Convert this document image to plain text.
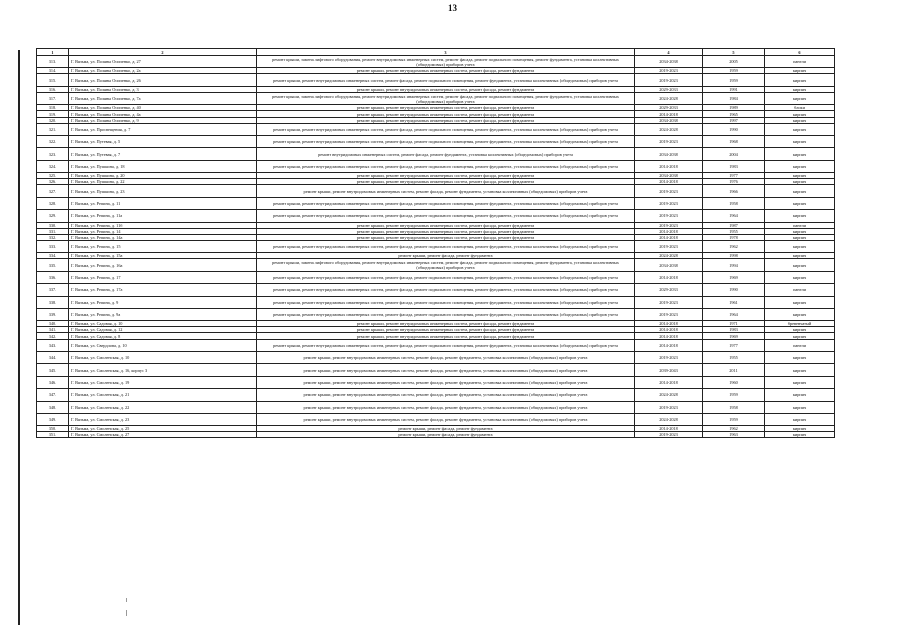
13
1	2	3	4	5	6
313.	Г. Вязьма, ул. Поляны Осипенко, д. 27	ремонт крыши, замена лифтового оборудования, ремонт внутридомовых инженерных систем, ремонт фасада, ремонт подвального помещения, ремонт фундамента, установка коллективных (общедомовых) приборов учета	2034-2038	2005	панели
314.	Г. Вязьма, ул. Поляны Осипенко, д. 2а	ремонт крыши, ремонт внутридомовых инженерных систем, ремонт фасада, ремонт фундамента	2019-2023	1959	кирпич
315.	Г. Вязьма, ул. Поляны Осипенко, д. 26	ремонт крыши, ремонт внутридомовых инженерных систем, ремонт фасада, ремонт подвального помещения, ремонт фундамента, установка коллективных (общедомовых) приборов учета	2019-2023	1959	кирпич
316.	Г. Вязьма, ул. Поляны Осипенко, д. 3	ремонт крыши, ремонт внутридомовых инженерных систем, ремонт фасада, ремонт фундамента	2029-2033	1991	кирпич
317.	Г. Вязьма, ул. Поляны Осипенко, д. 7а	ремонт крыши, замена лифтового оборудования, ремонт внутридомовых инженерных систем, ремонт фасада, ремонт подвального помещения, ремонт фундамента, установка коллективных (общедомовых) приборов учета	2024-2028	1984	кирпич
318.	Г. Вязьма, ул. Поляны Осипенко, д. 40	ремонт крыши, ремонт внутридомовых инженерных систем, ремонт фасада, ремонт фундамента	2029-2033	1989	блоки
319.	Г. Вязьма, ул. Поляны Осипенко, д. 4а	ремонт крыши, ремонт внутридомовых инженерных систем, ремонт фасада, ремонт фундамента	2014-2018	1965	кирпич
320.	Г. Вязьма, ул. Поляны Осипенко, д. 9	ремонт крыши, ремонт внутридомовых инженерных систем, ремонт фасада, ремонт фундамента	2034-2038	1997	кирпич
321.	Г. Вязьма, ул. Просвещения, д. 7	ремонт крыши, ремонт внутридомовых инженерных систем, ремонт фасада, ремонт подвального помещения, ремонт фундамента, установка коллективных (общедомовых) приборов учета	2024-2028	1990	кирпич
322.	Г. Вязьма, ул. Путевая, д. 5	ремонт крыши, ремонт внутридомовых инженерных систем, ремонт фасада, ремонт подвального помещения, ремонт фундамента, установка коллективных (общедомовых) приборов учета	2019-2023	1968	кирпич
323.	Г. Вязьма, ул. Путевая, д. 7	ремонт внутридомовых инженерных систем, ремонт фасада, ремонт фундамента, установка коллективных (общедомовых) приборов учета	2034-2038	2004	кирпич
324.	Г. Вязьма, ул. Пушкина, д. 18	ремонт крыши, ремонт внутридомовых инженерных систем, ремонт фасада, ремонт подвального помещения, ремонт фундамента, установка коллективных (общедомовых) приборов учета	2014-2018	1983	кирпич
325.	Г. Вязьма, ул. Пушкина, д. 20	ремонт крыши, ремонт внутридомовых инженерных систем, ремонт фасада, ремонт фундамента	2034-2038	1977	кирпич
326.	Г. Вязьма, ул. Пушкина, д. 22	ремонт крыши, ремонт внутридомовых инженерных систем, ремонт фасада, ремонт фундамента	2014-2018	1976	кирпич
327.	Г. Вязьма, ул. Пушкина, д. 23	ремонт крыши, ремонт внутридомовых инженерных систем, ремонт фасада, ремонт фундамента, установка коллективных (общедомовых) приборов учета	2019-2023	1966	кирпич
328.	Г. Вязьма, ул. Репина, д. 11	ремонт крыши, ремонт внутридомовых инженерных систем, ремонт фасада, ремонт подвального помещения, ремонт фундамента, установка коллективных (общедомовых) приборов учета	2019-2023	1958	кирпич
329.	Г. Вязьма, ул. Репина, д. 11а	ремонт крыши, ремонт внутридомовых инженерных систем, ремонт фасада, ремонт подвального помещения, ремонт фундамента, установка коллективных (общедомовых) приборов учета	2019-2023	1964	кирпич
330.	Г. Вязьма, ул. Репина, д. 11б	ремонт крыши, ремонт внутридомовых инженерных систем, ремонт фасада, ремонт фундамента	2019-2023	1987	панели
331.	Г. Вязьма, ул. Репина, д. 14	ремонт крыши, ремонт внутридомовых инженерных систем, ремонт фасада, ремонт фундамента	2014-2018	1955	кирпич
332.	Г. Вязьма, ул. Репина, д. 14а	ремонт крыши, ремонт внутридомовых инженерных систем, ремонт фасада, ремонт фундамента	2014-2018	1978	кирпич
333.	Г. Вязьма, ул. Репина, д. 15	ремонт крыши, ремонт внутридомовых инженерных систем, ремонт фасада, ремонт подвального помещения, ремонт фундамента, установка коллективных (общедомовых) приборов учета	2019-2023	1962	кирпич
334.	Г. Вязьма, ул. Репина, д. 15а	ремонт крыши, ремонт фасада, ремонт фундамента	2024-2028	1998	кирпич
335.	Г. Вязьма, ул. Репина, д. 16а	ремонт крыши, замена лифтового оборудования, ремонт внутридомовых инженерных систем, ремонт фасада, ремонт подвального помещения, ремонт фундамента, установка коллективных (общедомовых) приборов учета	2034-2038	1994	кирпич
336.	Г. Вязьма, ул. Репина, д. 17	ремонт крыши, ремонт внутридомовых инженерных систем, ремонт фасада, ремонт подвального помещения, ремонт фундамента, установка коллективных (общедомовых) приборов учета	2014-2018	1969	кирпич
337.	Г. Вязьма, ул. Репина, д. 17а	ремонт крыши, ремонт внутридомовых инженерных систем, ремонт фасада, ремонт подвального помещения, ремонт фундамента, установка коллективных (общедомовых) приборов учета	2029-2033	1990	панели
338.	Г. Вязьма, ул. Репина, д. 9	ремонт крыши, ремонт внутридомовых инженерных систем, ремонт фасада, ремонт подвального помещения, ремонт фундамента, установка коллективных (общедомовых) приборов учета	2019-2023	1961	кирпич
339.	Г. Вязьма, ул. Репина, д. 9а	ремонт крыши, ремонт внутридомовых инженерных систем, ремонт фасада, ремонт подвального помещения, ремонт фундамента, установка коллективных (общедомовых) приборов учета	2019-2023	1964	кирпич
340.	Г. Вязьма, ул. Садовая, д. 10	ремонт крыши, ремонт внутридомовых инженерных систем, ремонт фасада, ремонт фундамента	2014-2018	1971	бревенчатый
341.	Г. Вязьма, ул. Садовая, д. 12	ремонт крыши, ремонт внутридомовых инженерных систем, ремонт фасада, ремонт фундамента	2014-2018	1983	кирпич
342.	Г. Вязьма, ул. Садовая, д. 8	ремонт крыши, ремонт внутридомовых инженерных систем, ремонт фасада, ремонт фундамента	2014-2018	1969	кирпич
343.	Г. Вязьма, ул. Свердлова, д. 10	ремонт крыши, ремонт внутридомовых инженерных систем, ремонт фасада, ремонт подвального помещения, ремонт фундамента, установка коллективных (общедомовых) приборов учета	2014-2018	1977	панели
344.	Г. Вязьма, ул. Смоленская, д. 10	ремонт крыши, ремонт внутридомовых инженерных систем, ремонт фасада, ремонт фундамента, установка коллективных (общедомовых) приборов учета	2019-2023	1955	кирпич
345.	Г. Вязьма, ул. Смоленская, д. 16, корпус 3	ремонт крыши, ремонт внутридомовых инженерных систем, ремонт фасада, ремонт фундамента, установка коллективных (общедомовых) приборов учета	2039-2043	2011	кирпич
346.	Г. Вязьма, ул. Смоленская, д. 19	ремонт крыши, ремонт внутридомовых инженерных систем, ремонт фасада, ремонт фундамента, установка коллективных (общедомовых) приборов учета	2014-2018	1960	кирпич
347.	Г. Вязьма, ул. Смоленская, д. 21	ремонт крыши, ремонт внутридомовых инженерных систем, ремонт фасада, ремонт фундамента, установка коллективных (общедомовых) приборов учета	2024-2028	1959	кирпич
348.	Г. Вязьма, ул. Смоленская, д. 22	ремонт крыши, ремонт внутридомовых инженерных систем, ремонт фасада, ремонт фундамента, установка коллективных (общедомовых) приборов учета	2019-2023	1958	кирпич
349.	Г. Вязьма, ул. Смоленская, д. 23	ремонт крыши, ремонт внутридомовых инженерных систем, ремонт фасада, ремонт фундамента, установка коллективных (общедомовых) приборов учета	2024-2028	1959	кирпич
350.	Г. Вязьма, ул. Смоленская, д. 25	ремонт крыши, ремонт фасада, ремонт фундамента	2014-2018	1962	кирпич
351.	Г. Вязьма, ул. Смоленская, д. 27	ремонт крыши, ремонт фасада, ремонт фундамента	2019-2023	1963	кирпич
